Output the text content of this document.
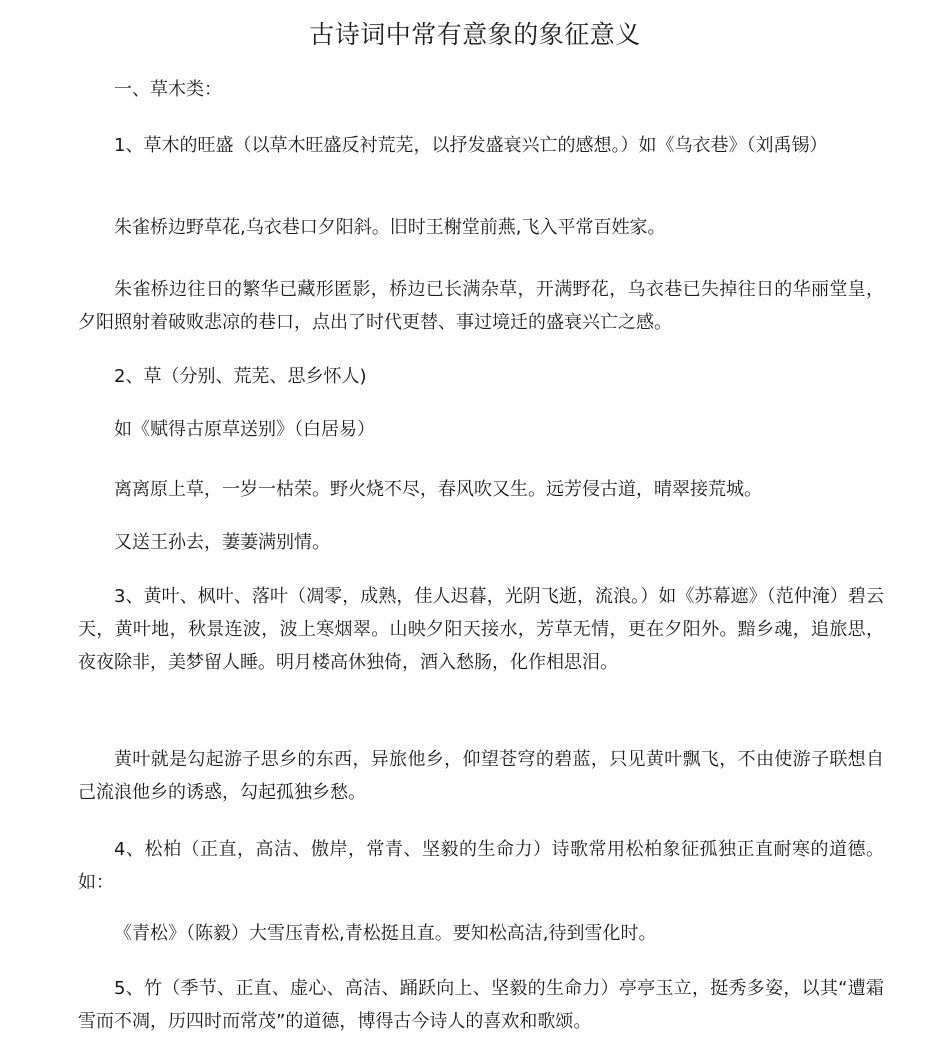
古诗词中常有意象的象征意义

一、草木类：

1、草木的旺盛（以草木旺盛反衬荒芜，以抒发盛衰兴亡的感想。）如《乌衣巷》（刘禹锡）

朱雀桥边野草花,乌衣巷口夕阳斜。旧时王榭堂前燕,飞入平常百姓家。

朱雀桥边往日的繁华已藏形匿影，桥边已长满杂草，开满野花，乌衣巷已失掉往日的华丽堂皇，夕阳照射着破败悲凉的巷口，点出了时代更替、事过境迁的盛衰兴亡之感。

2、草（分别、荒芜、思乡怀人)

如《赋得古原草送别》（白居易）

离离原上草，一岁一枯荣。野火烧不尽，春风吹又生。远芳侵古道，晴翠接荒城。

又送王孙去，萋萋满别情。

3、黄叶、枫叶、落叶（凋零，成熟，佳人迟暮，光阴飞逝，流浪。）如《苏幕遮》（范仲淹）碧云天，黄叶地，秋景连波，波上寒烟翠。山映夕阳天接水，芳草无情，更在夕阳外。黯乡魂，追旅思，夜夜除非，美梦留人睡。明月楼高休独倚，酒入愁肠，化作相思泪。

黄叶就是勾起游子思乡的东西，异旅他乡，仰望苍穹的碧蓝，只见黄叶飘飞，不由使游子联想自己流浪他乡的诱惑，勾起孤独乡愁。

4、松柏（正直，高洁、傲岸，常青、坚毅的生命力）诗歌常用松柏象征孤独正直耐寒的道德。如：

《青松》（陈毅）大雪压青松,青松挺且直。要知松高洁,待到雪化时。

5、竹（季节、正直、虚心、高洁、踊跃向上、坚毅的生命力）亭亭玉立，挺秀多姿，以其“遭霜雪而不凋，历四时而常茂”的道德，博得古今诗人的喜欢和歌颂。
